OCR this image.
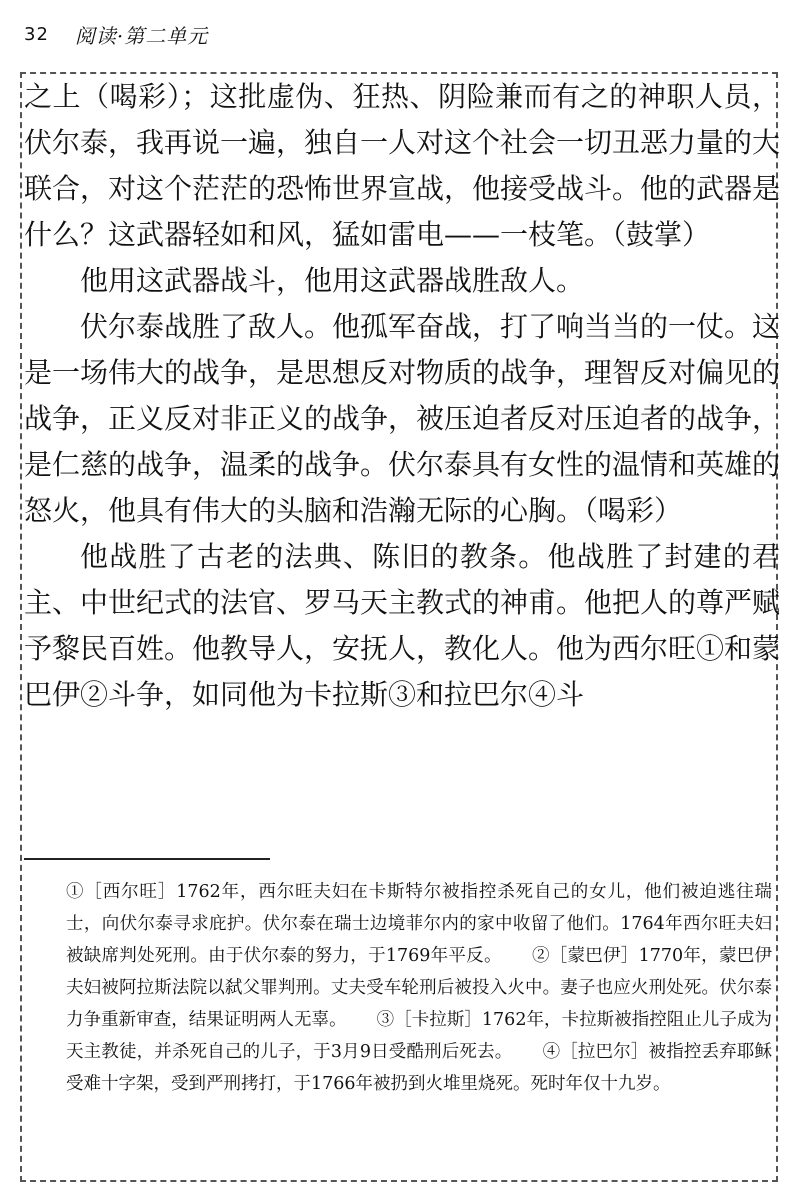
32 阅读·第二单元

之上（喝彩）；这批虚伪、狂热、阴险兼而有之的神职人员，伏尔泰，我再说一遍，独自一人对这个社会一切丑恶力量的大联合，对这个茫茫的恐怖世界宣战，他接受战斗。他的武器是什么？这武器轻如和风，猛如雷电——一枝笔。（鼓掌）

他用这武器战斗，他用这武器战胜敌人。

伏尔泰战胜了敌人。他孤军奋战，打了响当当的一仗。这是一场伟大的战争，是思想反对物质的战争，理智反对偏见的战争，正义反对非正义的战争，被压迫者反对压迫者的战争，是仁慈的战争，温柔的战争。伏尔泰具有女性的温情和英雄的怒火，他具有伟大的头脑和浩瀚无际的心胸。（喝彩）

他战胜了古老的法典、陈旧的教条。他战胜了封建的君主、中世纪式的法官、罗马天主教式的神甫。他把人的尊严赋予黎民百姓。他教导人，安抚人，教化人。他为西尔旺①和蒙巴伊②斗争，如同他为卡拉斯③和拉巴尔④斗

①［西尔旺］1762年，西尔旺夫妇在卡斯特尔被指控杀死自己的女儿，他们被迫逃往瑞士，向伏尔泰寻求庇护。伏尔泰在瑞士边境菲尔内的家中收留了他们。1764年西尔旺夫妇被缺席判处死刑。由于伏尔泰的努力，于1769年平反。 ②［蒙巴伊］1770年，蒙巴伊夫妇被阿拉斯法院以弑父罪判刑。丈夫受车轮刑后被投入火中。妻子也应火刑处死。伏尔泰力争重新审查，结果证明两人无辜。 ③［卡拉斯］1762年，卡拉斯被指控阻止儿子成为天主教徒，并杀死自己的儿子，于3月9日受酷刑后死去。 ④［拉巴尔］被指控丢弃耶稣受难十字架，受到严刑拷打，于1766年被扔到火堆里烧死。死时年仅十九岁。
